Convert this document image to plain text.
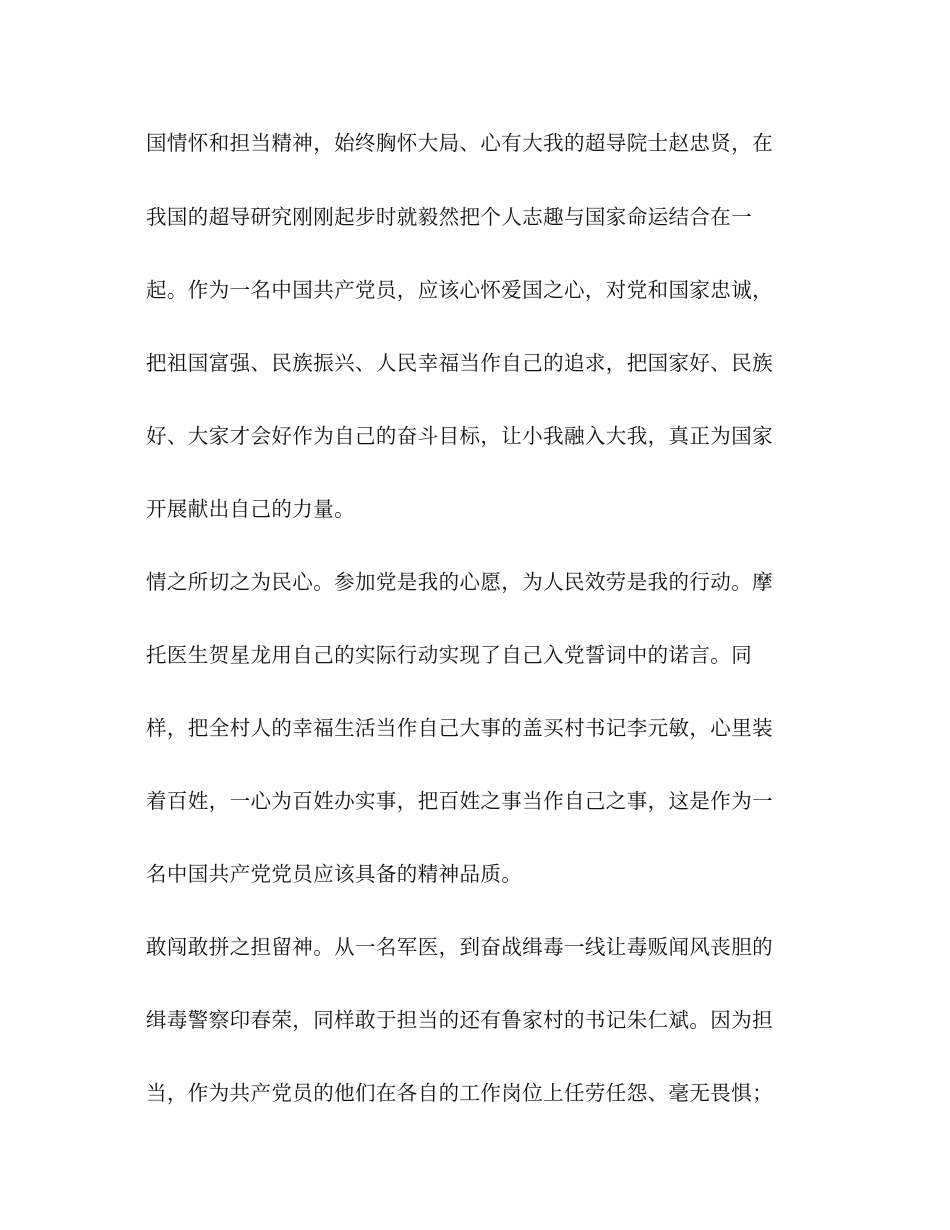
国情怀和担当精神，始终胸怀大局、心有大我的超导院士赵忠贤，在
我国的超导研究刚刚起步时就毅然把个人志趣与国家命运结合在一
起。作为一名中国共产党员，应该心怀爱国之心，对党和国家忠诚，
把祖国富强、民族振兴、人民幸福当作自己的追求，把国家好、民族
好、大家才会好作为自己的奋斗目标，让小我融入大我，真正为国家
开展献出自己的力量。
情之所切之为民心。参加党是我的心愿，为人民效劳是我的行动。摩
托医生贺星龙用自己的实际行动实现了自己入党誓词中的诺言。同
样，把全村人的幸福生活当作自己大事的盖买村书记李元敏，心里装
着百姓，一心为百姓办实事，把百姓之事当作自己之事，这是作为一
名中国共产党党员应该具备的精神品质。
敢闯敢拼之担留神。从一名军医，到奋战缉毒一线让毒贩闻风丧胆的
缉毒警察印春荣，同样敢于担当的还有鲁家村的书记朱仁斌。因为担
当，作为共产党员的他们在各自的工作岗位上任劳任怨、毫无畏惧；
